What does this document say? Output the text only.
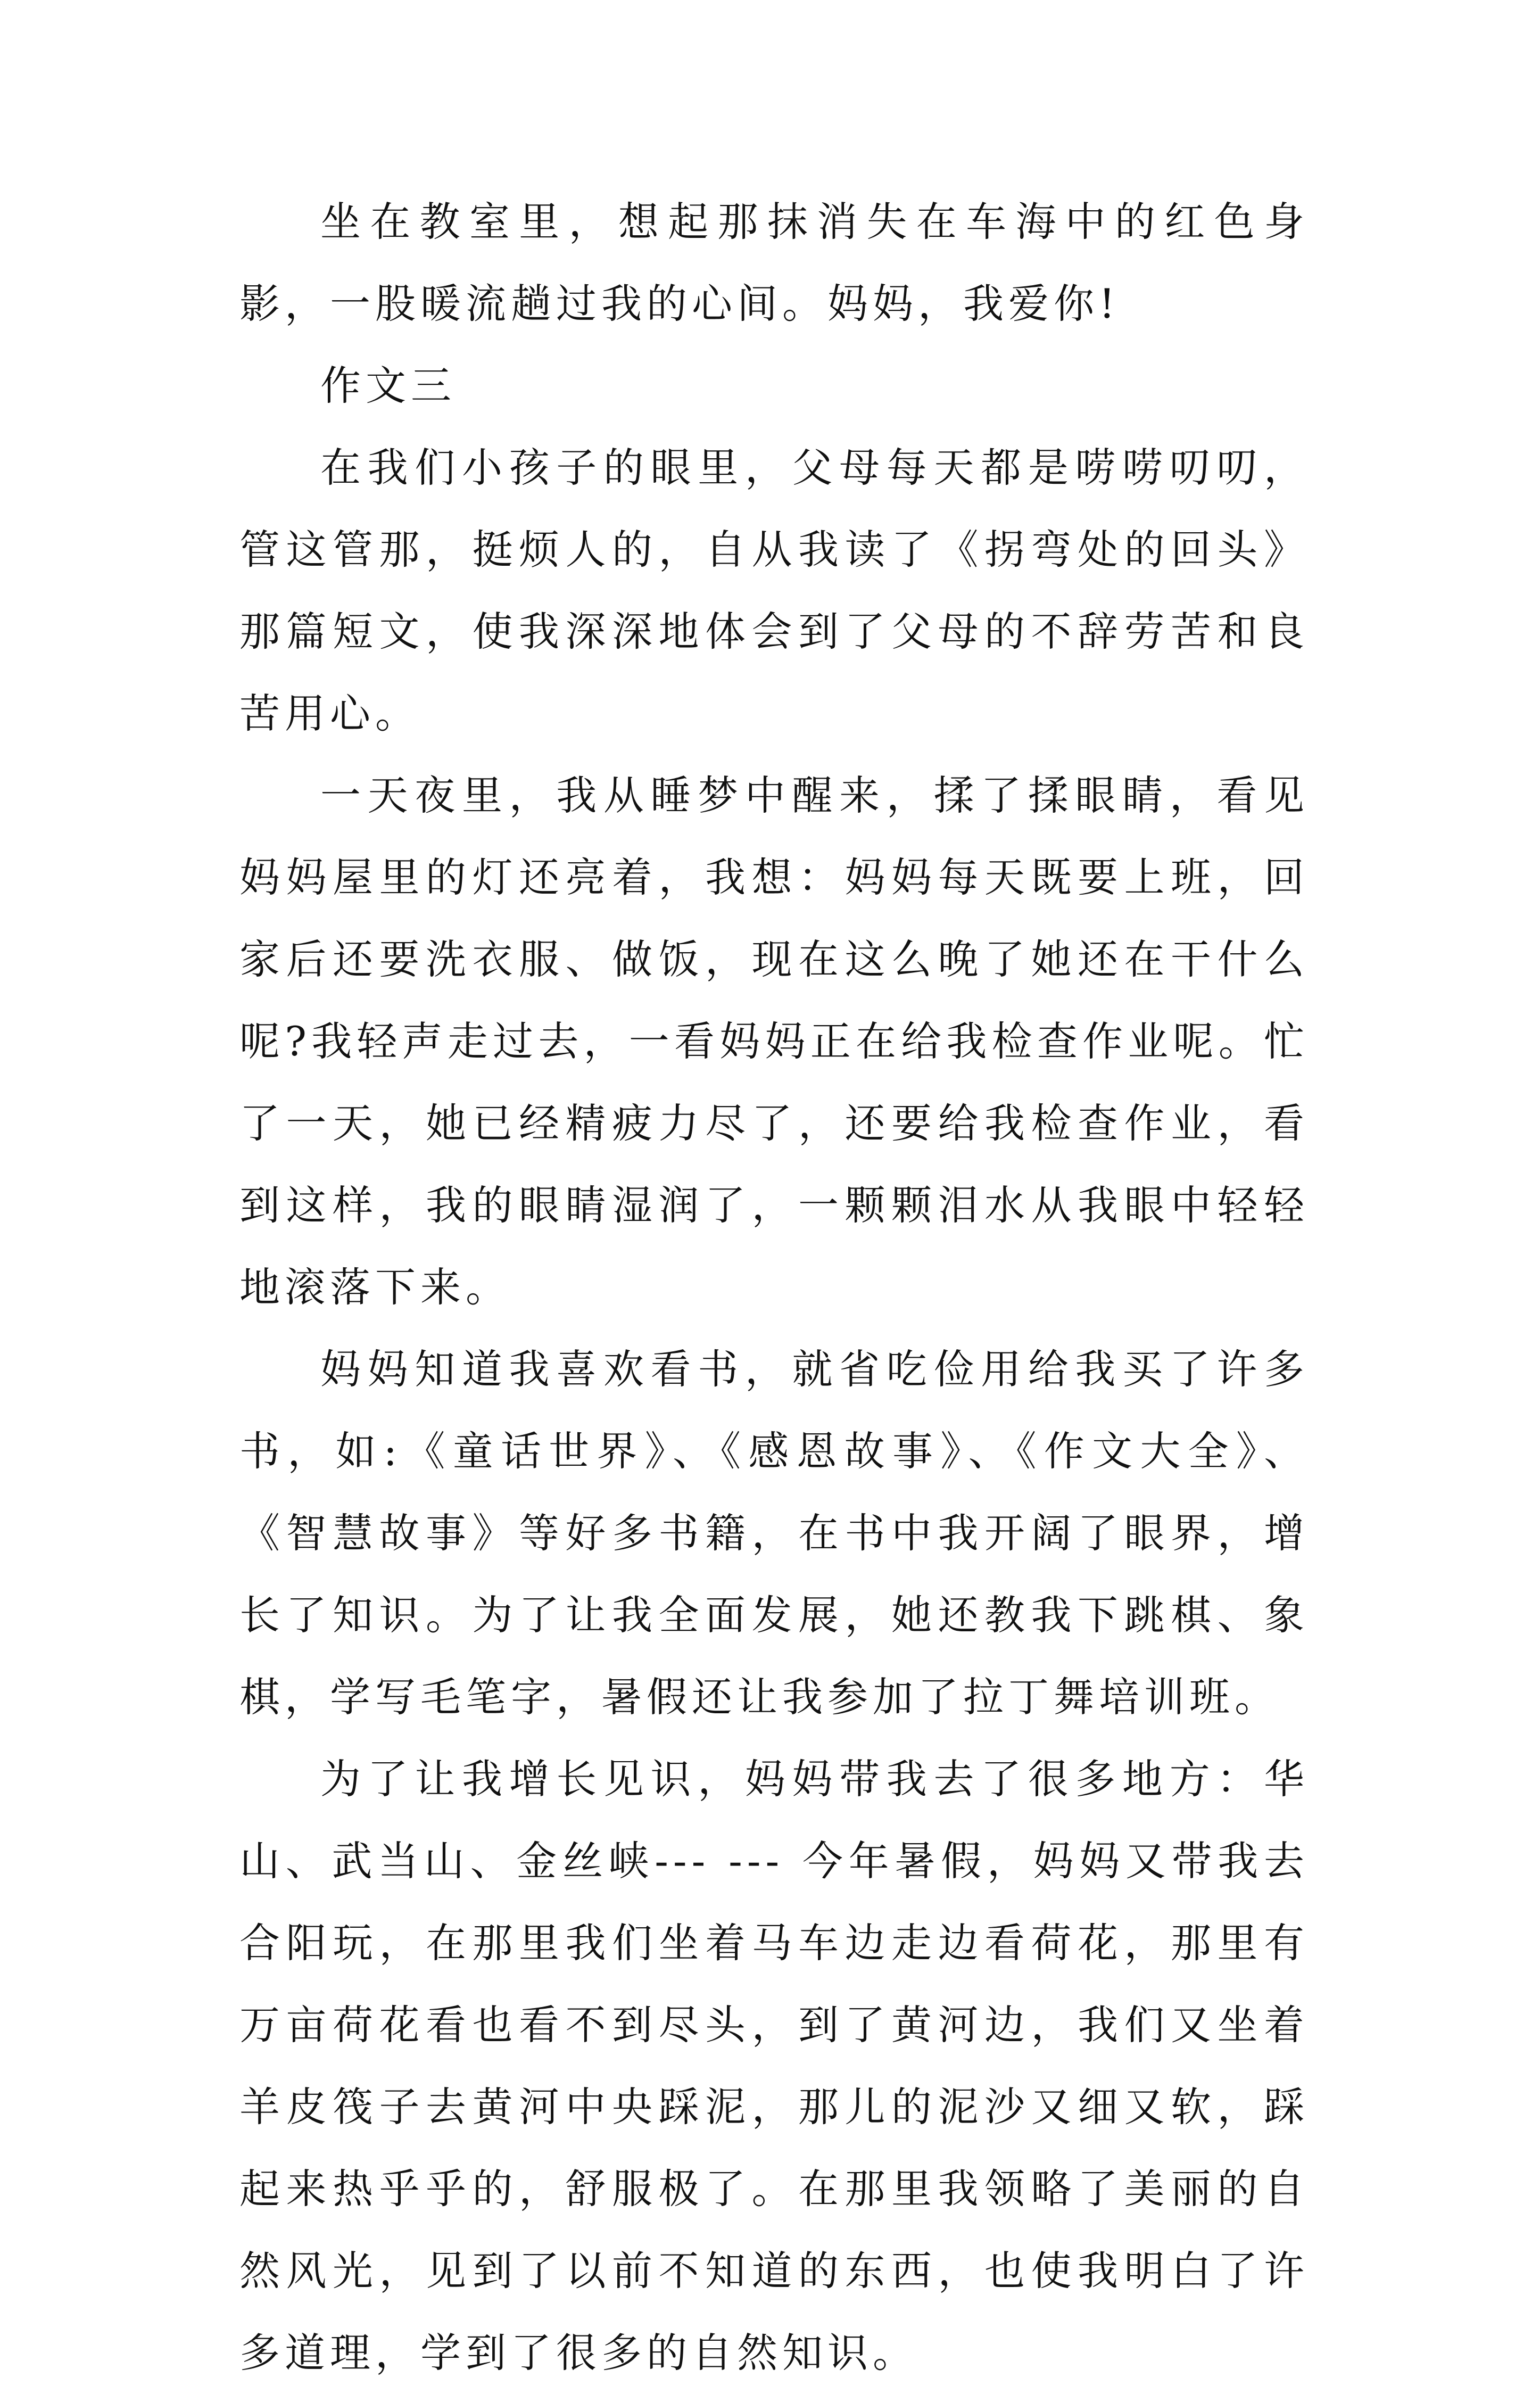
坐在教室里，想起那抹消失在车海中的红色身影，一股暖流趟过我的心间。妈妈，我爱你!

作文三

在我们小孩子的眼里，父母每天都是唠唠叨叨，管这管那，挺烦人的，自从我读了《拐弯处的回头》那篇短文，使我深深地体会到了父母的不辞劳苦和良苦用心。

一天夜里，我从睡梦中醒来，揉了揉眼睛，看见妈妈屋里的灯还亮着，我想：妈妈每天既要上班，回家后还要洗衣服、做饭，现在这么晚了她还在干什么呢?我轻声走过去，一看妈妈正在给我检查作业呢。忙了一天，她已经精疲力尽了，还要给我检查作业，看到这样，我的眼睛湿润了，一颗颗泪水从我眼中轻轻地滚落下来。

妈妈知道我喜欢看书，就省吃俭用给我买了许多书，如:《童话世界》、《感恩故事》、《作文大全》、《智慧故事》等好多书籍，在书中我开阔了眼界，增长了知识。为了让我全面发展，她还教我下跳棋、象棋，学写毛笔字，暑假还让我参加了拉丁舞培训班。

为了让我增长见识，妈妈带我去了很多地方：华山、武当山、金丝峡--- --- 今年暑假，妈妈又带我去合阳玩，在那里我们坐着马车边走边看荷花，那里有万亩荷花看也看不到尽头，到了黄河边，我们又坐着羊皮筏子去黄河中央踩泥，那儿的泥沙又细又软，踩起来热乎乎的，舒服极了。在那里我领略了美丽的自然风光，见到了以前不知道的东西，也使我明白了许多道理，学到了很多的自然知识。
